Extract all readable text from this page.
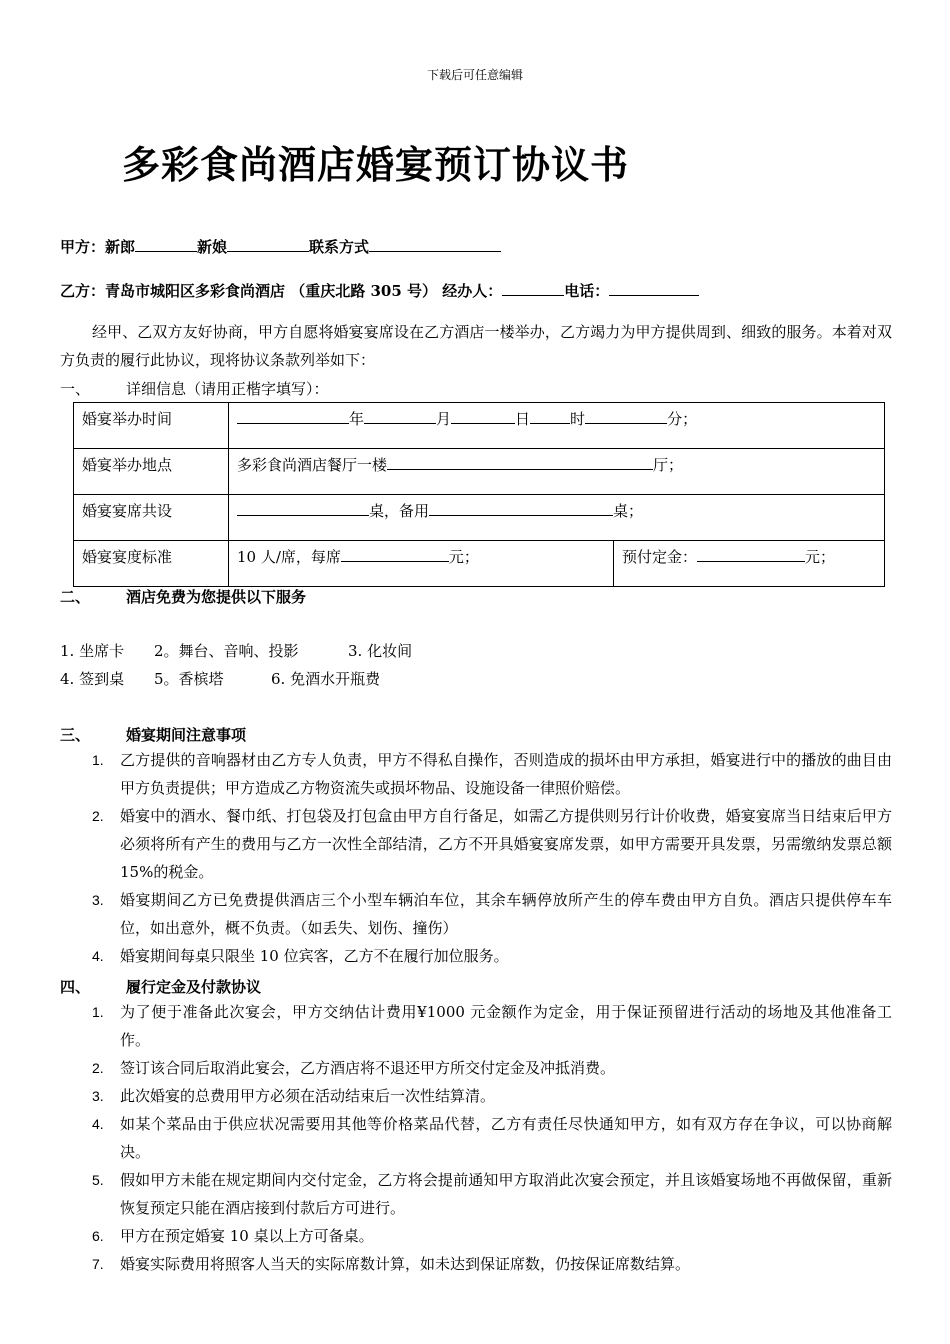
下载后可任意编辑
多彩食尚酒店婚宴预订协议书
甲方：新郎	新娘	联系方式
乙方：青岛市城阳区多彩食尚酒店 （重庆北路 305 号） 经办人：	电话：
经甲、乙双方友好协商，甲方自愿将婚宴宴席设在乙方酒店一楼举办，乙方竭力为甲方提供周到、细致的服务。本着对双方负责的履行此协议，现将协议条款列举如下：
一、 详细信息（请用正楷字填写）：
婚宴举办时间	年 月 日 时 分；	
婚宴举办地点	多彩食尚酒店餐厅一楼 厅；	
婚宴宴席共设	桌，备用 桌；	
婚宴宴度标准	10 人/席，每席 元；	预付定金： 元；
二、 酒店免费为您提供以下服务
1. 坐席卡 2。舞台、音响、投影	3. 化妆间
4. 签到桌 5。香槟塔	6. 免酒水开瓶费
三、 婚宴期间注意事项
1. 乙方提供的音响器材由乙方专人负责，甲方不得私自操作，否则造成的损坏由甲方承担，婚宴进行中的播放的曲目由甲方负责提供；甲方造成乙方物资流失或损坏物品、设施设备一律照价赔偿。
2. 婚宴中的酒水、餐巾纸、打包袋及打包盒由甲方自行备足，如需乙方提供则另行计价收费，婚宴宴席当日结束后甲方必须将所有产生的费用与乙方一次性全部结清，乙方不开具婚宴宴席发票，如甲方需要开具发票，另需缴纳发票总额 15%的税金。
3. 婚宴期间乙方已免费提供酒店三个小型车辆泊车位，其余车辆停放所产生的停车费由甲方自负。酒店只提供停车车位，如出意外，概不负责。（如丢失、划伤、撞伤）
4. 婚宴期间每桌只限坐 10 位宾客，乙方不在履行加位服务。
四、 履行定金及付款协议
1. 为了便于准备此次宴会，甲方交纳估计费用¥1000 元金额作为定金，用于保证预留进行活动的场地及其他准备工作。
2. 签订该合同后取消此宴会，乙方酒店将不退还甲方所交付定金及冲抵消费。
3. 此次婚宴的总费用甲方必须在活动结束后一次性结算清。
4. 如某个菜品由于供应状况需要用其他等价格菜品代替，乙方有责任尽快通知甲方，如有双方存在争议，可以协商解决。
5. 假如甲方未能在规定期间内交付定金，乙方将会提前通知甲方取消此次宴会预定，并且该婚宴场地不再做保留，重新恢复预定只能在酒店接到付款后方可进行。
6. 甲方在预定婚宴 10 桌以上方可备桌。
7. 婚宴实际费用将照客人当天的实际席数计算，如未达到保证席数，仍按保证席数结算。
